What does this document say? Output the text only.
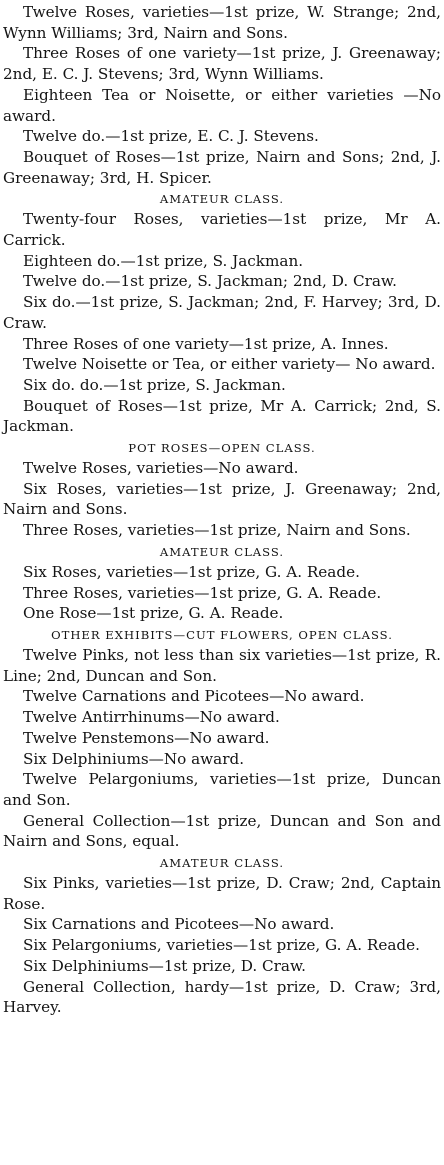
Twelve Roses, varieties—1st prize, W. Strange; 2nd, Wynn Williams; 3rd, Nairn and Sons.

Three Roses of one variety—1st prize, J. Greenaway; 2nd, E. C. J. Stevens; 3rd, Wynn Williams.

Eighteen Tea or Noisette, or either varieties —No award.

Twelve do.—1st prize, E. C. J. Stevens.

Bouquet of Roses—1st prize, Nairn and Sons; 2nd, J. Greenaway; 3rd, H. Spicer.

AMATEUR CLASS.

Twenty-four Roses, varieties—1st prize, Mr A. Carrick.

Eighteen do.—1st prize, S. Jackman.

Twelve do.—1st prize, S. Jackman; 2nd, D. Craw.

Six do.—1st prize, S. Jackman; 2nd, F. Harvey; 3rd, D. Craw.

Three Roses of one variety—1st prize, A. Innes.

Twelve Noisette or Tea, or either variety— No award.

Six do. do.—1st prize, S. Jackman.

Bouquet of Roses—1st prize, Mr A. Carrick; 2nd, S. Jackman.

POT ROSES—OPEN CLASS.

Twelve Roses, varieties—No award.

Six Roses, varieties—1st prize, J. Greenaway; 2nd, Nairn and Sons.

Three Roses, varieties—1st prize, Nairn and Sons.

AMATEUR CLASS.

Six Roses, varieties—1st prize, G. A. Reade.

Three Roses, varieties—1st prize, G. A. Reade.

One Rose—1st prize, G. A. Reade.

OTHER EXHIBITS—CUT FLOWERS, OPEN CLASS.

Twelve Pinks, not less than six varieties—1st prize, R. Line; 2nd, Duncan and Son.

Twelve Carnations and Picotees—No award.

Twelve Antirrhinums—No award.

Twelve Penstemons—No award.

Six Delphiniums—No award.

Twelve Pelargoniums, varieties—1st prize, Duncan and Son.

General Collection—1st prize, Duncan and Son and Nairn and Sons, equal.

AMATEUR CLASS.

Six Pinks, varieties—1st prize, D. Craw; 2nd, Captain Rose.

Six Carnations and Picotees—No award.

Six Pelargoniums, varieties—1st prize, G. A. Reade.

Six Delphiniums—1st prize, D. Craw.

General Collection, hardy—1st prize, D. Craw; 3rd, Harvey.
